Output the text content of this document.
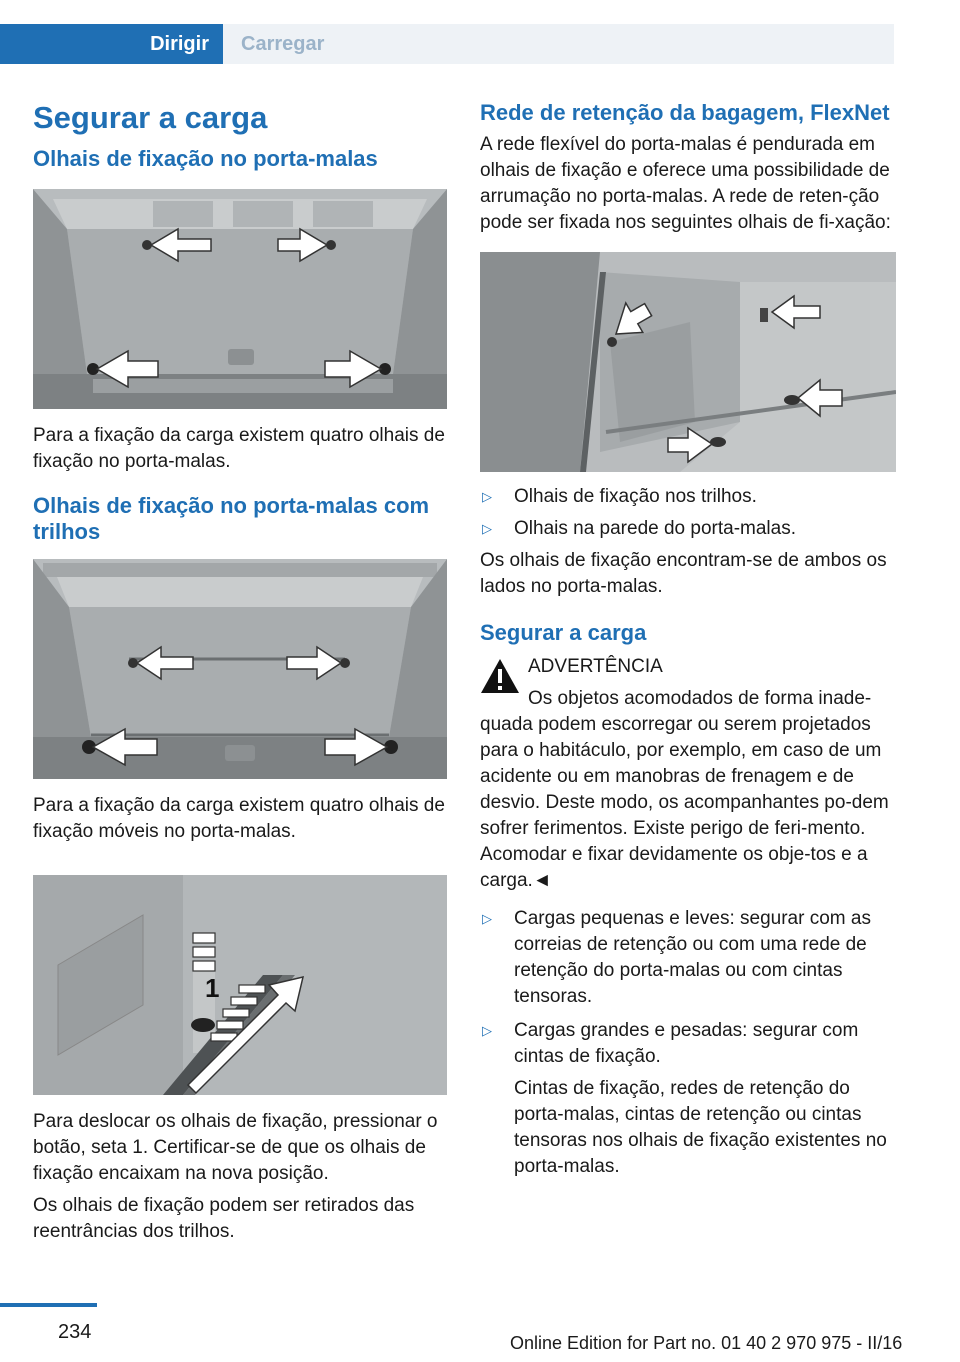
Dirigir	Carregar
Segurar a carga
Olhais de fixação no porta-malas

Para a fixação da carga existem quatro olhais de fixação no porta-malas.

Olhais de fixação no porta-malas com trilhos

Para a fixação da carga existem quatro olhais de fixação móveis no porta-malas.

1

Para deslocar os olhais de fixação, pressionar o botão, seta 1. Certificar-se de que os olhais de fixação encaixam na nova posição.

Os olhais de fixação podem ser retirados das reentrâncias dos trilhos.

Rede de retenção da bagagem, FlexNet

A rede flexível do porta-malas é pendurada em olhais de fixação e oferece uma possibilidade de arrumação no porta-malas. A rede de reten‐ção pode ser fixada nos seguintes olhais de fi‐xação:

▷	Olhais de fixação nos trilhos.
▷	Olhais na parede do porta-malas.

Os olhais de fixação encontram-se de ambos os lados no porta-malas.

Segurar a carga

ADVERTÊNCIA

Os objetos acomodados de forma inade-

quada podem escorregar ou serem projetados para o habitáculo, por exemplo, em caso de um acidente ou em manobras de frenagem e de desvio. Deste modo, os acompanhantes po‐dem sofrer ferimentos. Existe perigo de feri‐mento. Acomodar e fixar devidamente os obje‐tos e a carga.◄

▷	Cargas pequenas e leves: segurar com as correias de retenção ou com uma rede de retenção do porta-malas ou com cintas tensoras.
▷	Cargas grandes e pesadas: segurar com cintas de fixação.

Cintas de fixação, redes de retenção do porta-malas, cintas de retenção ou cintas tensoras nos olhais de fixação existentes no porta-malas.

234	Online Edition for Part no. 01 40 2 970 975 - II/16
